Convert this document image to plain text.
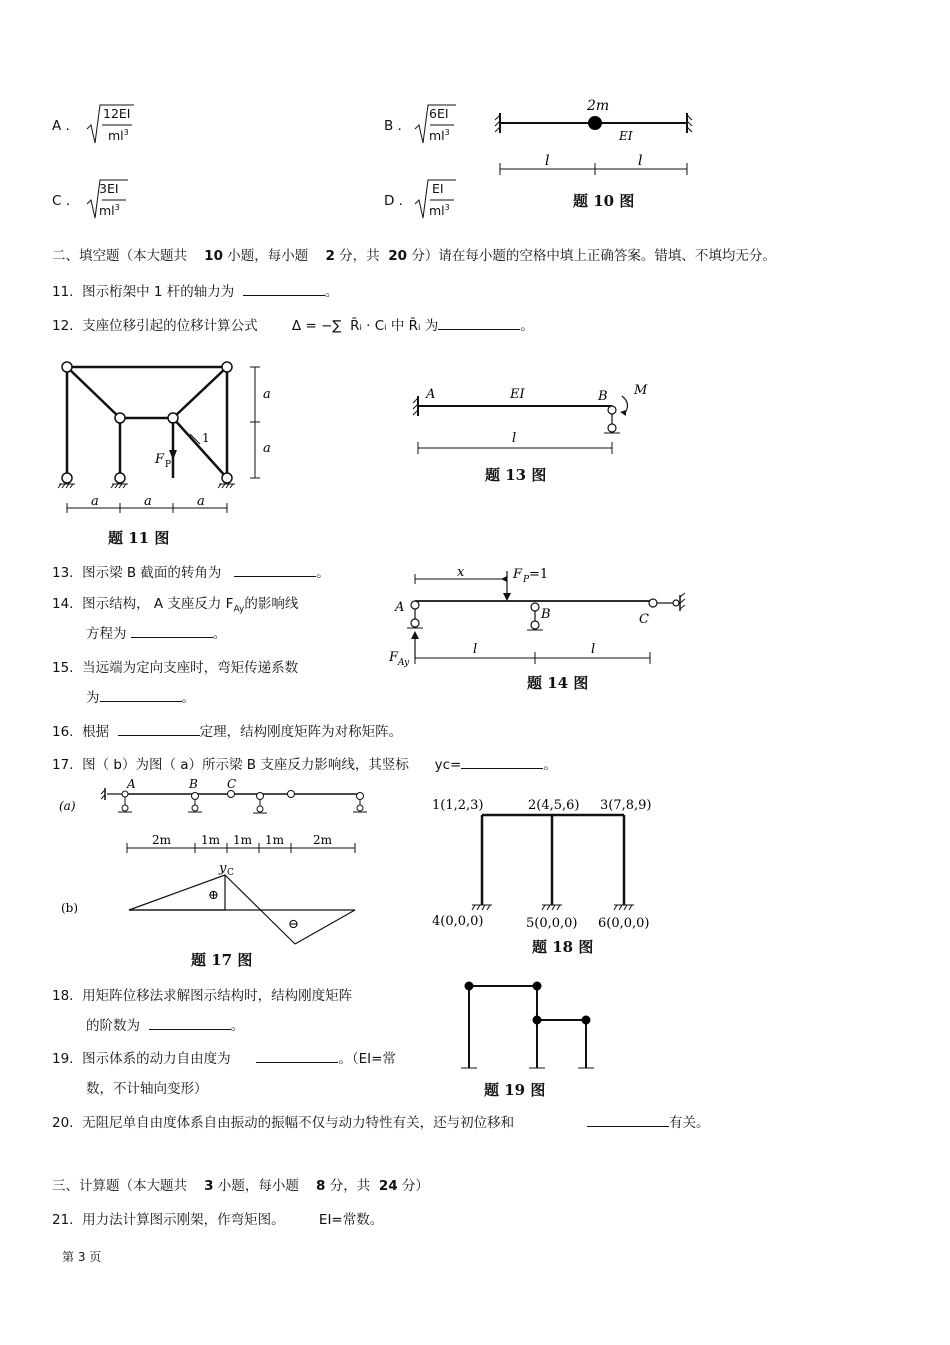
A .
12EI
$ml^3$	B .
6EI
$ml^3$
C .
3EI
$ml^3$	D .
EI
$ml^3$
2m
EI
l	l
题 10 图
二、填空题（本大题共 10 小题，每小题 2 分，共 20 分）请在每小题的空格中填上正确答案。错填、不填均无分。
11. 图示桁架中 1 杆的轴力为	。
12. 支座位移引起的位移计算公式	Δ = −∑ R̄ᵢ · Cᵢ 中 R̄ᵢ 为	。
F P
1
a
a
a	a	a
题 11 图
A	EI	B M
l
题 13 图
13. 图示梁 B 截面的转角为	。
14. 图示结构， A 支座反力 $F_{Ay}$的影响线
方程为	。
15. 当远端为定向支座时，弯矩传递系数
为	。
x	F P =1
A	B	C
F Ay
l	l
题 14 图
16. 根据	定理，结构刚度矩阵为对称矩阵。
17. 图（ b）为图（ a）所示梁 B 支座反力影响线，其竖标 yc=	。
(a)
A	B C
2m 1m 1m 1m 2m
(b)
y C
⊕
⊖
题 17 图
1(1,2,3)	2(4,5,6) 3(7,8,9)
4(0,0,0)	5(0,0,0) 6(0,0,0)
题 18 图
18. 用矩阵位移法求解图示结构时，结构刚度矩阵
的阶数为	。
19. 图示体系的动力自由度为	。（EI=常
数，不计轴向变形）	题 19 图
20. 无阻尼单自由度体系自由振动的振幅不仅与动力特性有关，还与初位移和	有关。
三、计算题（本大题共 3 小题，每小题 8 分，共 24 分）
21. 用力法计算图示刚架，作弯矩图。	EI=常数。
第 3 页
